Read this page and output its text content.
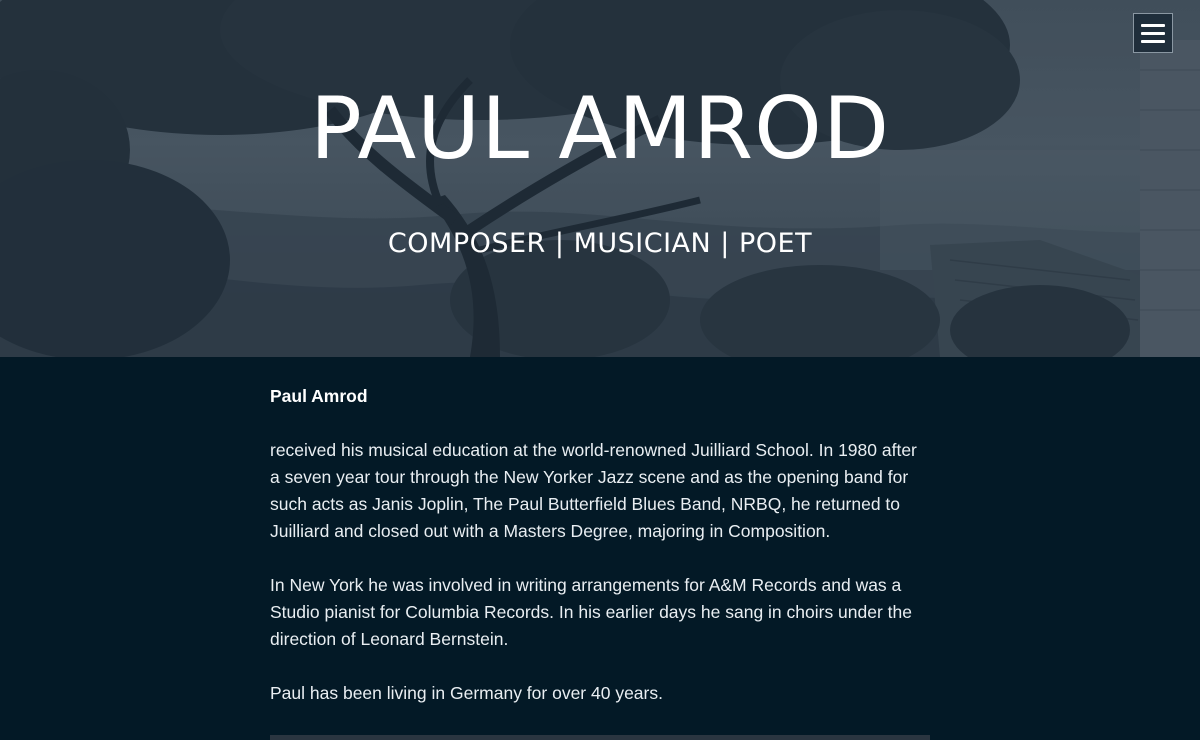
PAUL AMROD
COMPOSER | MUSICIAN | POET

Paul Amrod

received his musical education at the world-renowned Juilliard School. In 1980 after a seven year tour through the New Yorker Jazz scene and as the opening band for such acts as Janis Joplin, The Paul Butterfield Blues Band, NRBQ, he returned to Juilliard and closed out with a Masters Degree, majoring in Composition.

In New York he was involved in writing arrangements for A&M Records and was a Studio pianist for Columbia Records. In his earlier days he sang in choirs under the direction of Leonard Bernstein.

Paul has been living in Germany for over 40 years.
